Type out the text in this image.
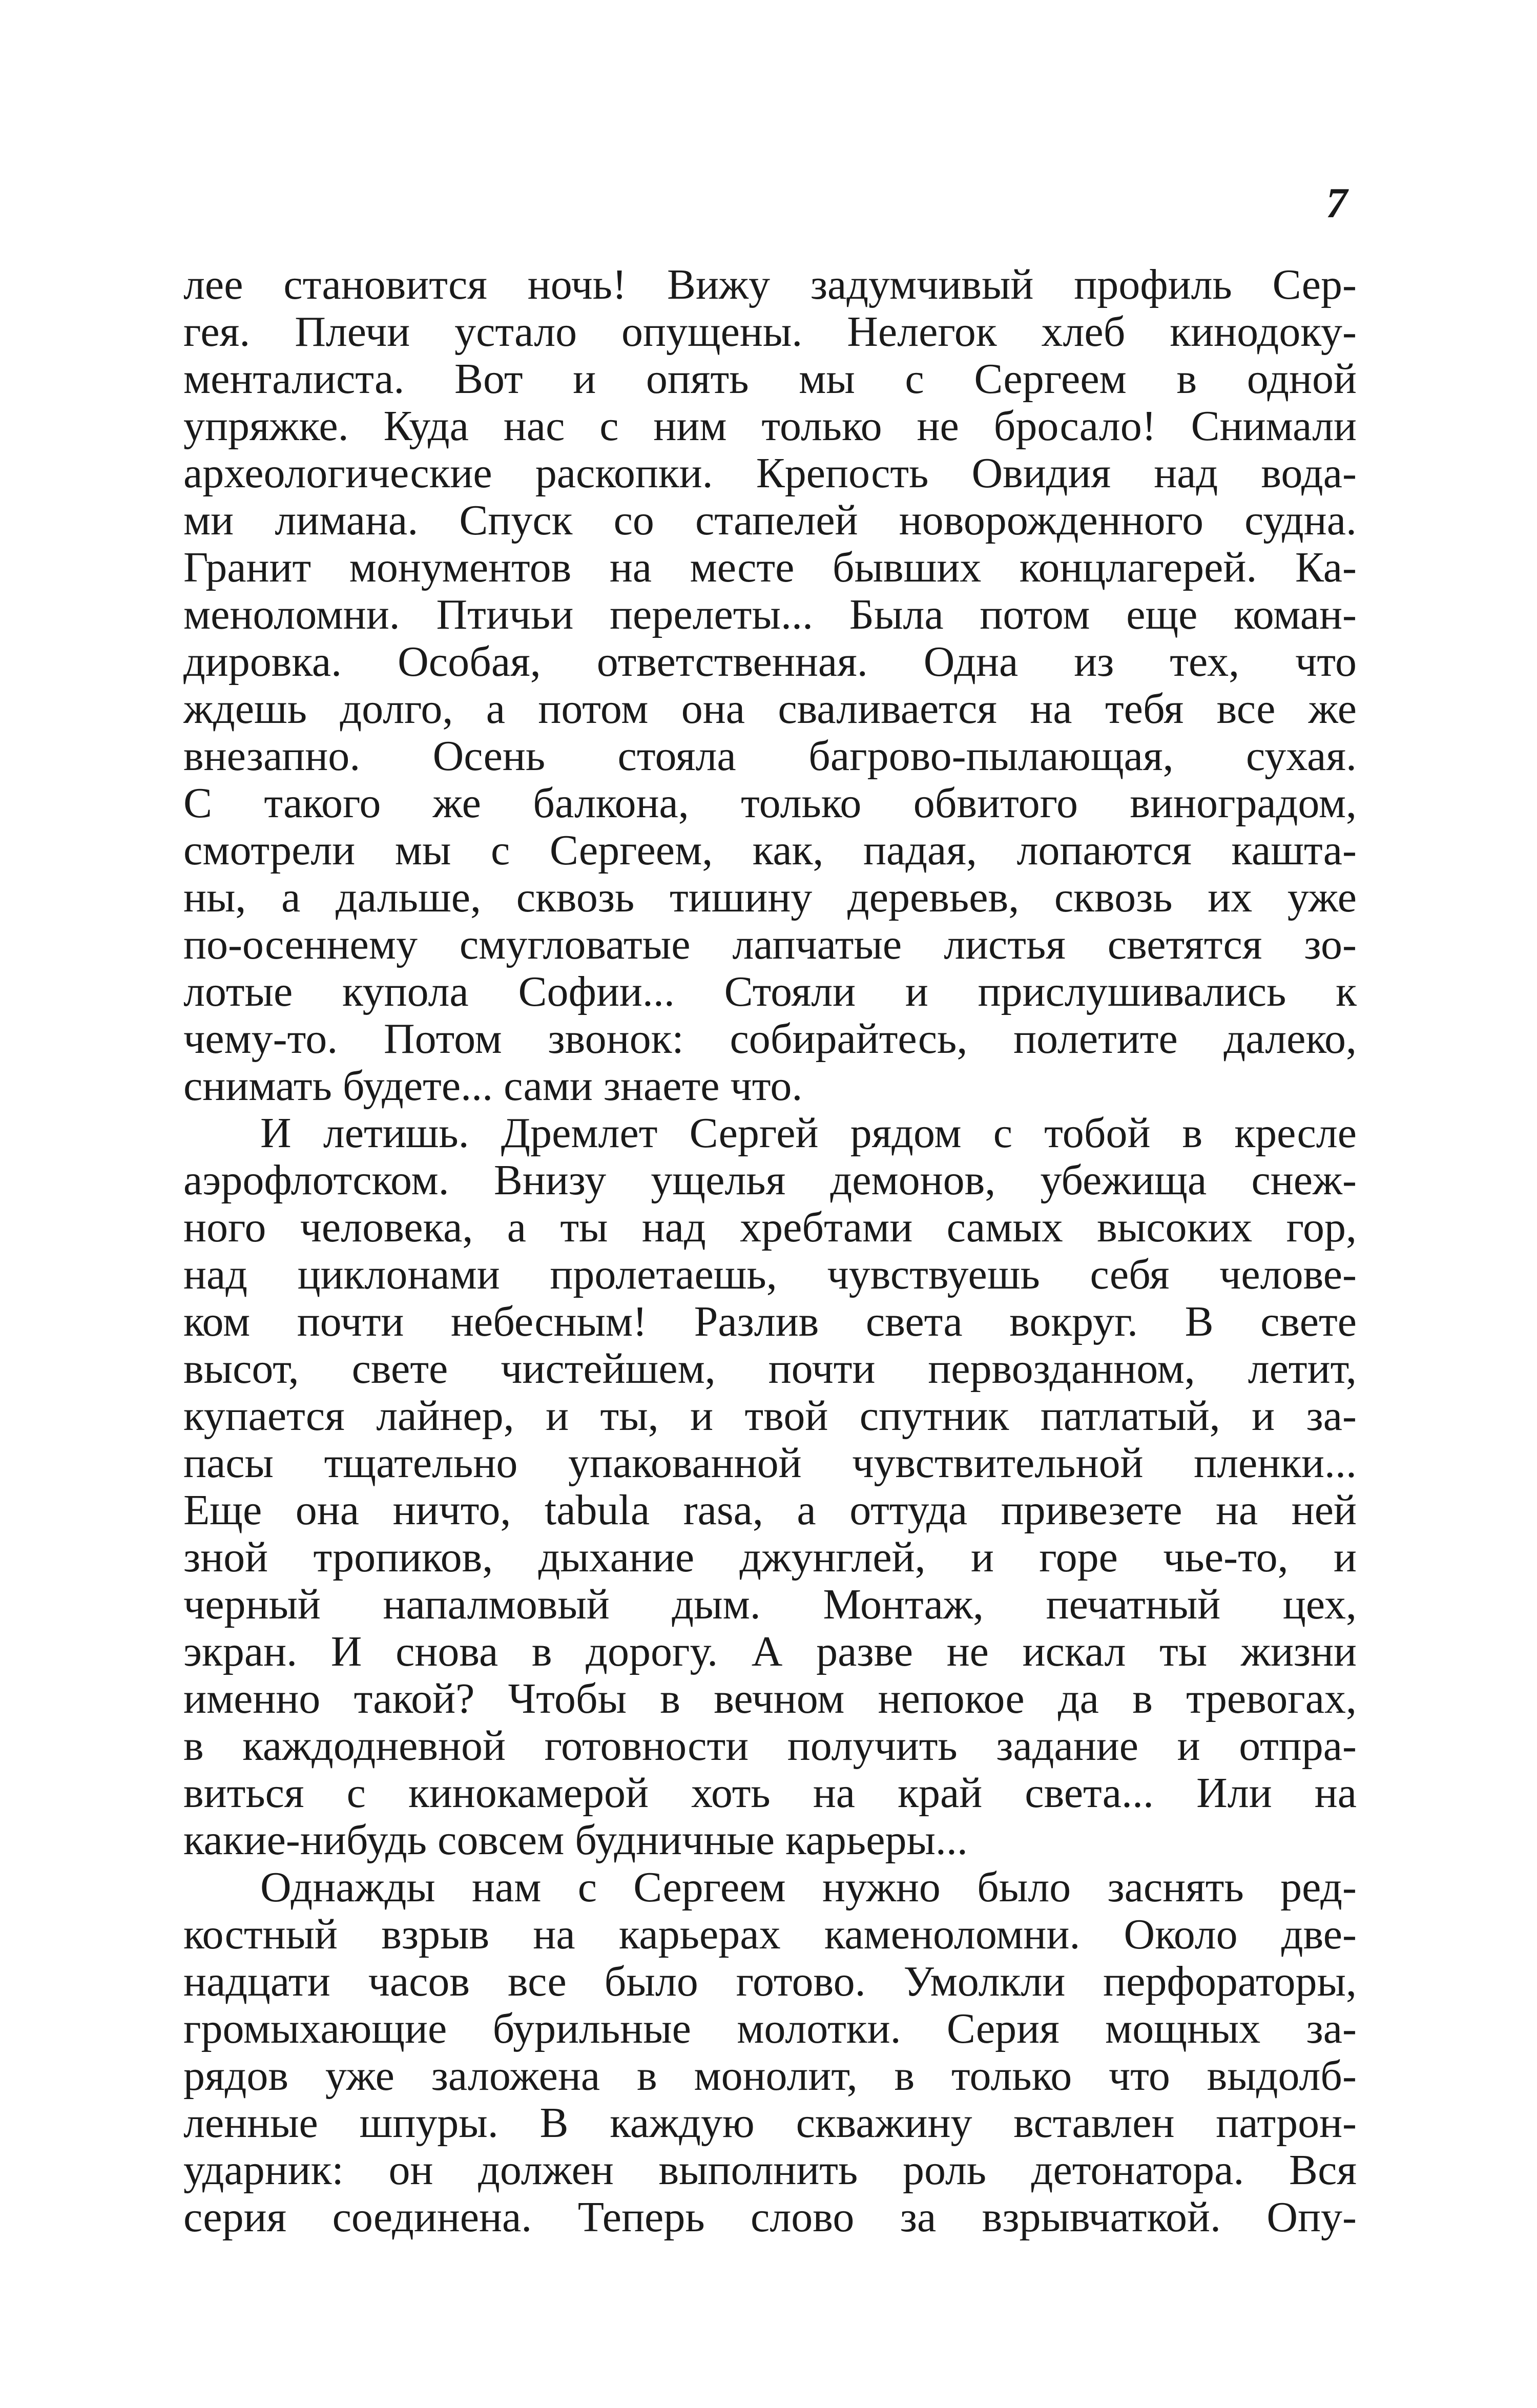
7
лее становится ночь! Вижу задумчивый профиль Сер-
гея. Плечи устало опущены. Нелегок хлеб кинодоку-
менталиста. Вот и опять мы с Сергеем в одной
упряжке. Куда нас с ним только не бросало! Снимали
археологические раскопки. Крепость Овидия над вода-
ми лимана. Спуск со стапелей новорожденного судна.
Гранит монументов на месте бывших концлагерей. Ка-
меноломни. Птичьи перелеты... Была потом еще коман-
дировка. Особая, ответственная. Одна из тех, что
ждешь долго, а потом она сваливается на тебя все же
внезапно. Осень стояла багрово-пылающая, сухая.
С такого же балкона, только обвитого виноградом,
смотрели мы с Сергеем, как, падая, лопаются кашта-
ны, а дальше, сквозь тишину деревьев, сквозь их уже
по-осеннему смугловатые лапчатые листья светятся зо-
лотые купола Софии... Стояли и прислушивались к
чему-то. Потом звонок: собирайтесь, полетите далеко,
снимать будете... сами знаете что.
И летишь. Дремлет Сергей рядом с тобой в кресле
аэрофлотском. Внизу ущелья демонов, убежища снеж-
ного человека, а ты над хребтами самых высоких гор,
над циклонами пролетаешь, чувствуешь себя челове-
ком почти небесным! Разлив света вокруг. В свете
высот, свете чистейшем, почти первозданном, летит,
купается лайнер, и ты, и твой спутник патлатый, и за-
пасы тщательно упакованной чувствительной пленки...
Еще она ничто, tabula rasa, а оттуда привезете на ней
зной тропиков, дыхание джунглей, и горе чье-то, и
черный напалмовый дым. Монтаж, печатный цех,
экран. И снова в дорогу. А разве не искал ты жизни
именно такой? Чтобы в вечном непокое да в тревогах,
в каждодневной готовности получить задание и отпра-
виться с кинокамерой хоть на край света... Или на
какие-нибудь совсем будничные карьеры...
Однажды нам с Сергеем нужно было заснять ред-
костный взрыв на карьерах каменоломни. Около две-
надцати часов все было готово. Умолкли перфораторы,
громыхающие бурильные молотки. Серия мощных за-
рядов уже заложена в монолит, в только что выдолб-
ленные шпуры. В каждую скважину вставлен патрон-
ударник: он должен выполнить роль детонатора. Вся
серия соединена. Теперь слово за взрывчаткой. Опу-
